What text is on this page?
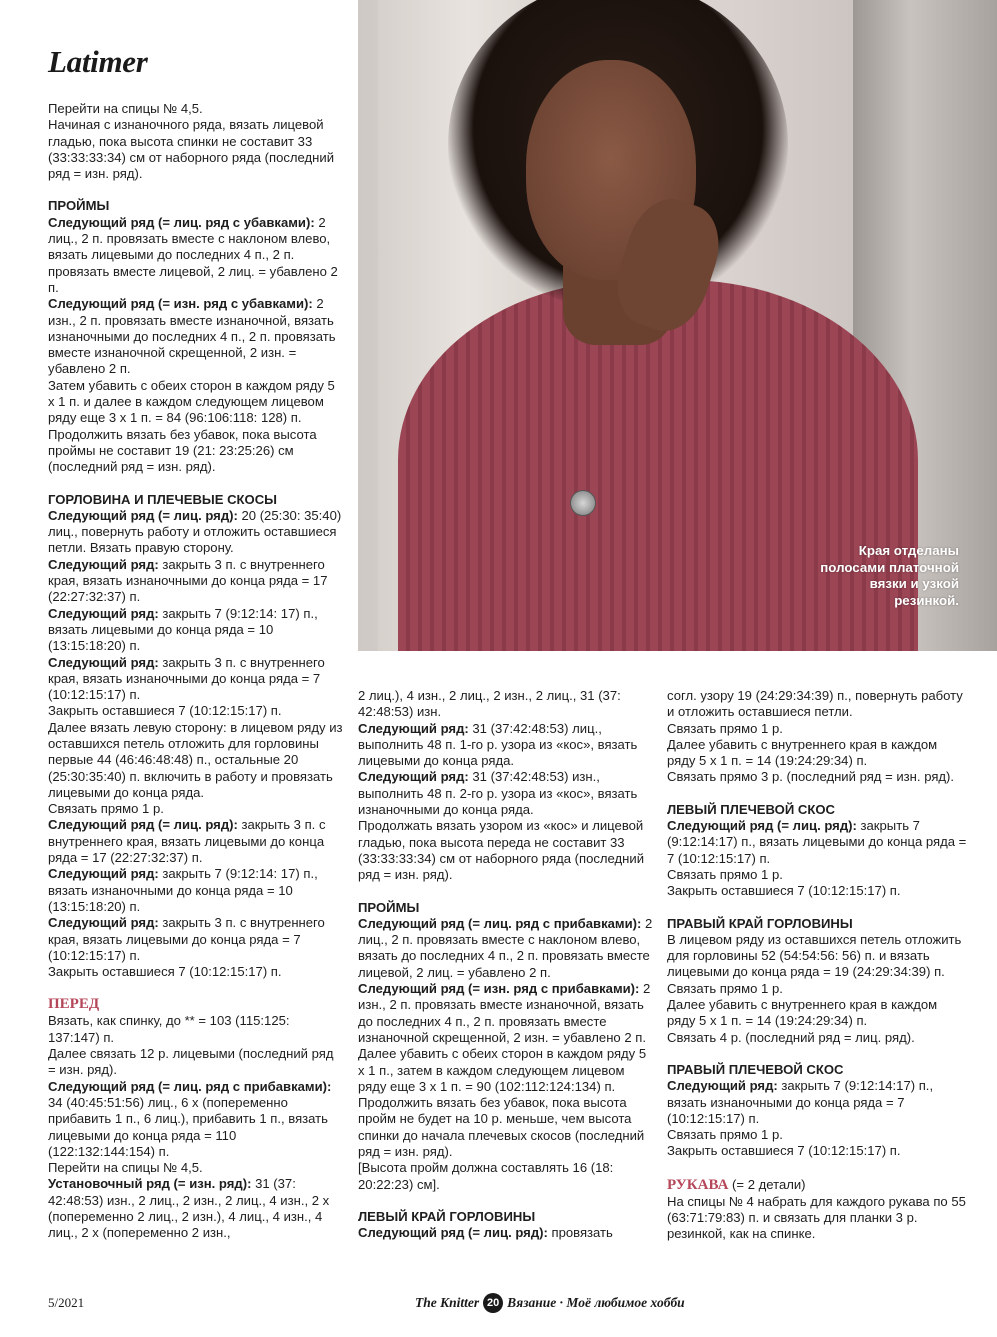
Latimer
Края отделаны полосами платочной вязки и узкой резинкой.

Перейти на спицы № 4,5.

Начиная с изнаночного ряда, вязать лицевой гладью, пока высота спинки не составит 33 (33:33:33:34) см от наборного ряда (последний ряд = изн. ряд).

ПРОЙМЫ

Следующий ряд (= лиц. ряд с убавками): 2 лиц., 2 п. провязать вместе с наклоном влево, вязать лицевыми до последних 4 п., 2 п. провязать вместе лицевой, 2 лиц. = убавлено 2 п.

Следующий ряд (= изн. ряд с убавками): 2 изн., 2 п. провязать вместе изнаночной, вязать изнаночными до последних 4 п., 2 п. провязать вместе изнаночной скрещенной, 2 изн. = убавлено 2 п.

Затем убавить с обеих сторон в каждом ряду 5 х 1 п. и далее в каждом следующем лицевом ряду еще 3 х 1 п. = 84 (96:106:118: 128) п.

Продолжить вязать без убавок, пока высота проймы не составит 19 (21: 23:25:26) см (последний ряд = изн. ряд).

ГОРЛОВИНА И ПЛЕЧЕВЫЕ СКОСЫ

Следующий ряд (= лиц. ряд): 20 (25:30: 35:40) лиц., повернуть работу и отложить оставшиеся петли. Вязать правую сторону.

Следующий ряд: закрыть 3 п. с внутреннего края, вязать изнаночными до конца ряда = 17 (22:27:32:37) п.

Следующий ряд: закрыть 7 (9:12:14: 17) п., вязать лицевыми до конца ряда = 10 (13:15:18:20) п.

Следующий ряд: закрыть 3 п. с внутреннего края, вязать изнаночными до конца ряда = 7 (10:12:15:17) п.

Закрыть оставшиеся 7 (10:12:15:17) п.

Далее вязать левую сторону: в лицевом ряду из оставшихся петель отложить для горловины первые 44 (46:46:48:48) п., остальные 20 (25:30:35:40) п. включить в работу и провязать лицевыми до конца ряда.

Связать прямо 1 р.

Следующий ряд (= лиц. ряд): закрыть 3 п. с внутреннего края, вязать лицевыми до конца ряда = 17 (22:27:32:37) п.

Следующий ряд: закрыть 7 (9:12:14: 17) п., вязать изнаночными до конца ряда = 10 (13:15:18:20) п.

Следующий ряд: закрыть 3 п. с внутреннего края, вязать лицевыми до конца ряда = 7 (10:12:15:17) п.

Закрыть оставшиеся 7 (10:12:15:17) п.

ПЕРЕД

Вязать, как спинку, до ** = 103 (115:125: 137:147) п.

Далее связать 12 р. лицевыми (последний ряд = изн. ряд).

Следующий ряд (= лиц. ряд с прибавками): 34 (40:45:51:56) лиц., 6 х (попеременно прибавить 1 п., 6 лиц.), прибавить 1 п., вязать лицевыми до конца ряда = 110 (122:132:144:154) п.

Перейти на спицы № 4,5.

Установочный ряд (= изн. ряд): 31 (37: 42:48:53) изн., 2 лиц., 2 изн., 2 лиц., 4 изн., 2 х (попеременно 2 лиц., 2 изн.), 4 лиц., 4 изн., 4 лиц., 2 х (попеременно 2 изн.,

2 лиц.), 4 изн., 2 лиц., 2 изн., 2 лиц., 31 (37: 42:48:53) изн.

Следующий ряд: 31 (37:42:48:53) лиц., выполнить 48 п. 1-го р. узора из «кос», вязать лицевыми до конца ряда.

Следующий ряд: 31 (37:42:48:53) изн., выполнить 48 п. 2-го р. узора из «кос», вязать изнаночными до конца ряда.

Продолжать вязать узором из «кос» и лицевой гладью, пока высота переда не составит 33 (33:33:33:34) см от наборного ряда (последний ряд = изн. ряд).

ПРОЙМЫ

Следующий ряд (= лиц. ряд с прибавками): 2 лиц., 2 п. провязать вместе с наклоном влево, вязать до последних 4 п., 2 п. провязать вместе лицевой, 2 лиц. = убавлено 2 п.

Следующий ряд (= изн. ряд с прибавками): 2 изн., 2 п. провязать вместе изнаночной, вязать до последних 4 п., 2 п. провязать вместе изнаночной скрещенной, 2 изн. = убавлено 2 п. Далее убавить с обеих сторон в каждом ряду 5 х 1 п., затем в каждом следующем лицевом ряду еще 3 х 1 п. = 90 (102:112:124:134) п.

Продолжить вязать без убавок, пока высота пройм не будет на 10 р. меньше, чем высота спинки до начала плечевых скосов (последний ряд = изн. ряд).

[Высота пройм должна составлять 16 (18: 20:22:23) см].

ЛЕВЫЙ КРАЙ ГОРЛОВИНЫ

Следующий ряд (= лиц. ряд): провязать

согл. узору 19 (24:29:34:39) п., повернуть работу и отложить оставшиеся петли.

Связать прямо 1 р.

Далее убавить с внутреннего края в каждом ряду 5 х 1 п. = 14 (19:24:29:34) п.

Связать прямо 3 р. (последний ряд = изн. ряд).

ЛЕВЫЙ ПЛЕЧЕВОЙ СКОС

Следующий ряд (= лиц. ряд): закрыть 7 (9:12:14:17) п., вязать лицевыми до конца ряда = 7 (10:12:15:17) п.

Связать прямо 1 р.

Закрыть оставшиеся 7 (10:12:15:17) п.

ПРАВЫЙ КРАЙ ГОРЛОВИНЫ

В лицевом ряду из оставшихся петель отложить для горловины 52 (54:54:56: 56) п. и вязать лицевыми до конца ряда = 19 (24:29:34:39) п.

Связать прямо 1 р.

Далее убавить с внутреннего края в каждом ряду 5 х 1 п. = 14 (19:24:29:34) п.

Связать 4 р. (последний ряд = лиц. ряд).

ПРАВЫЙ ПЛЕЧЕВОЙ СКОС

Следующий ряд: закрыть 7 (9:12:14:17) п., вязать изнаночными до конца ряда = 7 (10:12:15:17) п.

Связать прямо 1 р.

Закрыть оставшиеся 7 (10:12:15:17) п.

РУКАВА (= 2 детали)

На спицы № 4 набрать для каждого рукава по 55 (63:71:79:83) п. и связать для планки 3 р. резинкой, как на спинке.

5/2021	The Knitter 20 Вязание · Моё любимое хобби
